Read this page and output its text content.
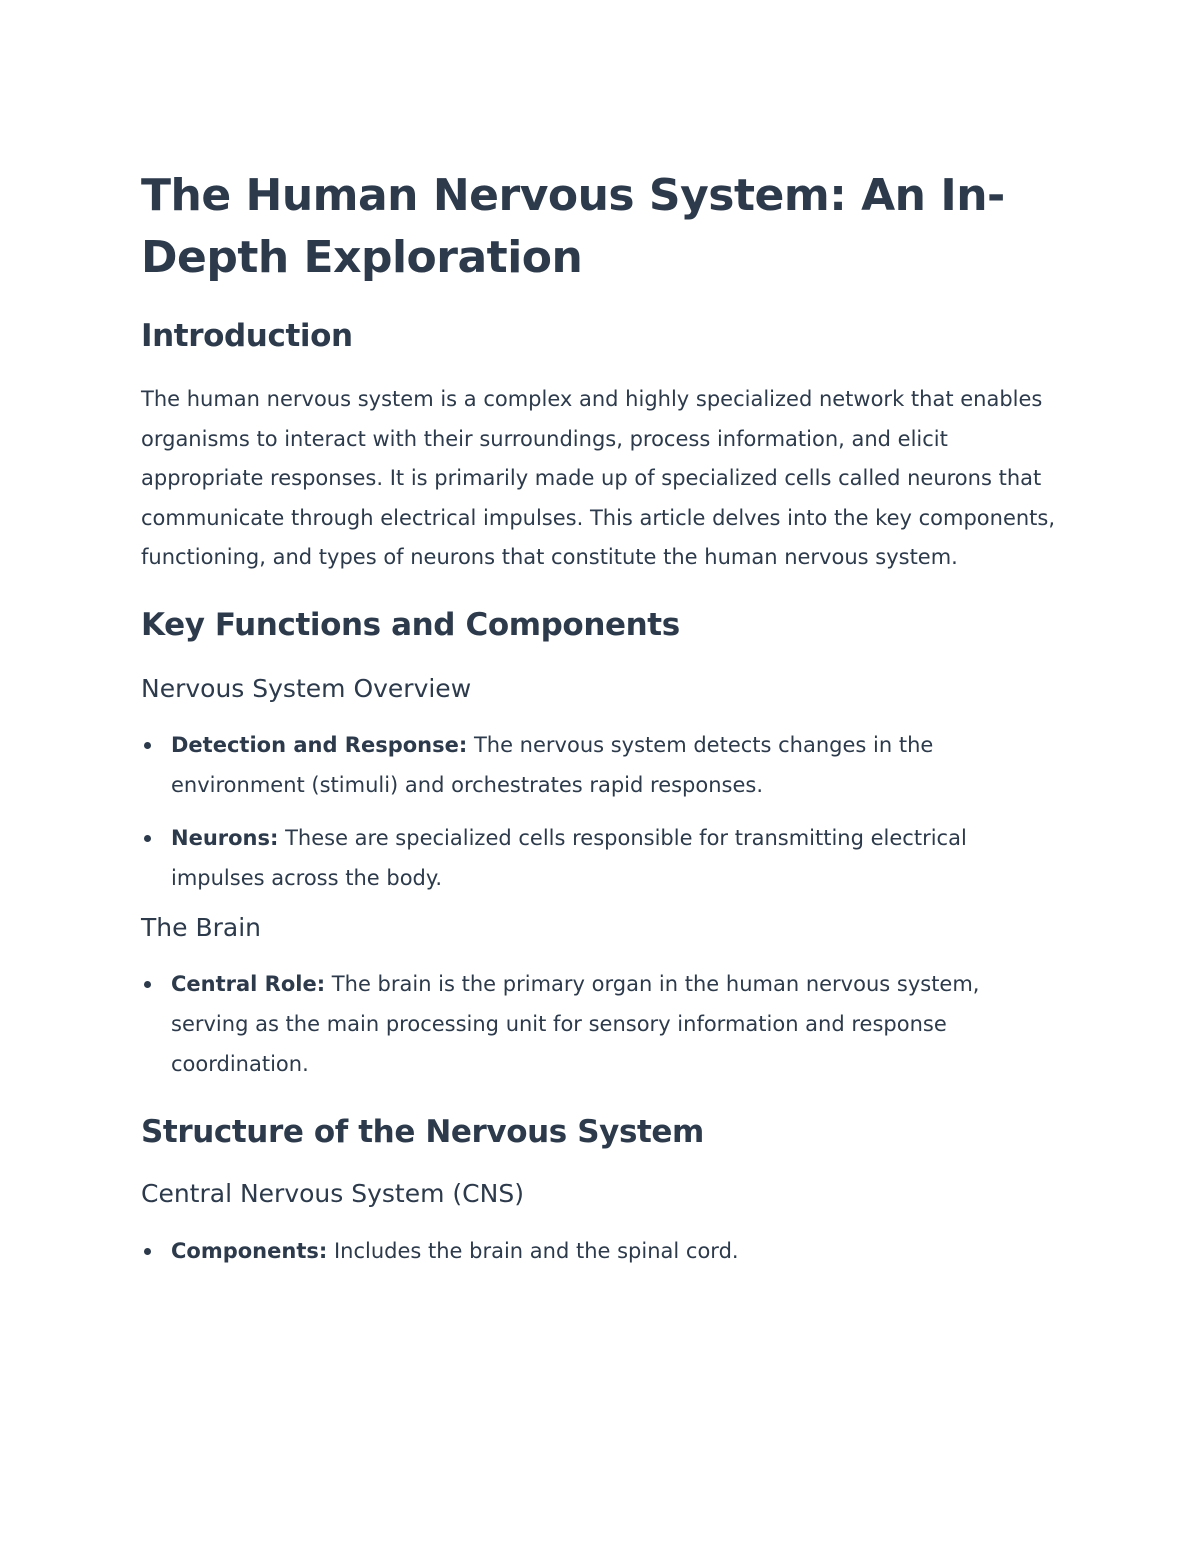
The Human Nervous System: An In-Depth Exploration
Introduction

The human nervous system is a complex and highly specialized network that enables organisms to interact with their surroundings, process information, and elicit appropriate responses. It is primarily made up of specialized cells called neurons that communicate through electrical impulses. This article delves into the key components, functioning, and types of neurons that constitute the human nervous system.

Key Functions and Components
Nervous System Overview
Detection and Response: The nervous system detects changes in the environment (stimuli) and orchestrates rapid responses.
Neurons: These are specialized cells responsible for transmitting electrical impulses across the body.
The Brain
Central Role: The brain is the primary organ in the human nervous system, serving as the main processing unit for sensory information and response coordination.
Structure of the Nervous System
Central Nervous System (CNS)
Components: Includes the brain and the spinal cord.
